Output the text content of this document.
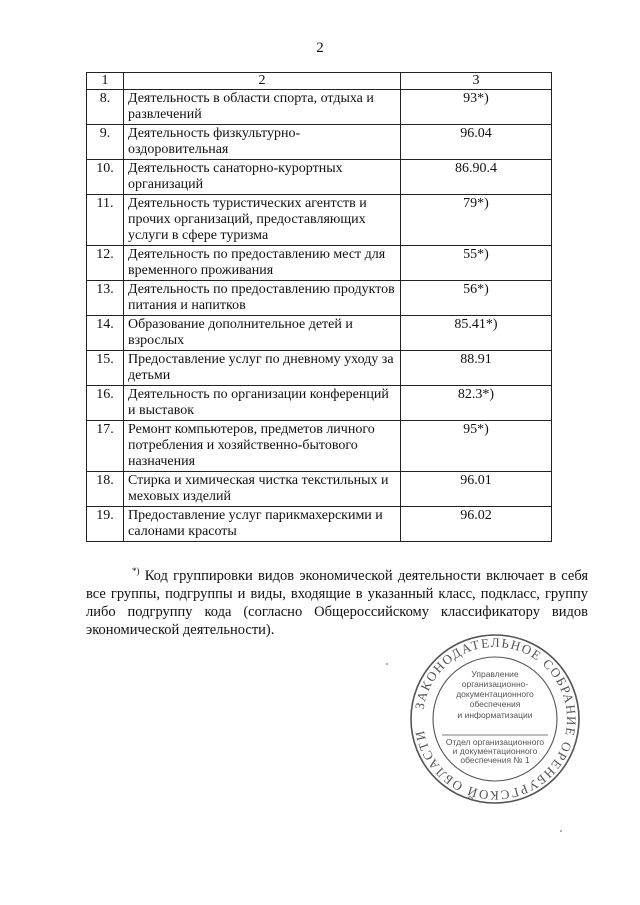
2
1	2	3
8.	Деятельность в области спорта, отдыха и развлечений	93*)
9.	Деятельность физкультурно-оздоровительная	96.04
10.	Деятельность санаторно-курортных организаций	86.90.4
11.	Деятельность туристических агентств и прочих организаций, предоставляющих услуги в сфере туризма	79*)
12.	Деятельность по предоставлению мест для временного проживания	55*)
13.	Деятельность по предоставлению продуктов питания и напитков	56*)
14.	Образование дополнительное детей и взрослых	85.41*)
15.	Предоставление услуг по дневному уходу за детьми	88.91
16.	Деятельность по организации конференций и выставок	82.3*)
17.	Ремонт компьютеров, предметов личного потребления и хозяйственно-бытового назначения	95*)
18.	Стирка и химическая чистка текстильных и меховых изделий	96.01
19.	Предоставление услуг парикмахерскими и салонами красоты	96.02
*) Код группировки видов экономической деятельности включает в себя все группы, подгруппы и виды, входящие в указанный класс, подкласс, группу либо подгруппу кода (согласно Общероссийскому классификатору видов экономической деятельности).
ЗАКОНОДАТЕЛЬНОЕ СОБРАНИЕ ОРЕНБУРГСКОЙ ОБЛАСТИ
Управление
организационно-
документационного
обеспечения
и информатизации
Отдел организационного
и документационного
обеспечения № 1
